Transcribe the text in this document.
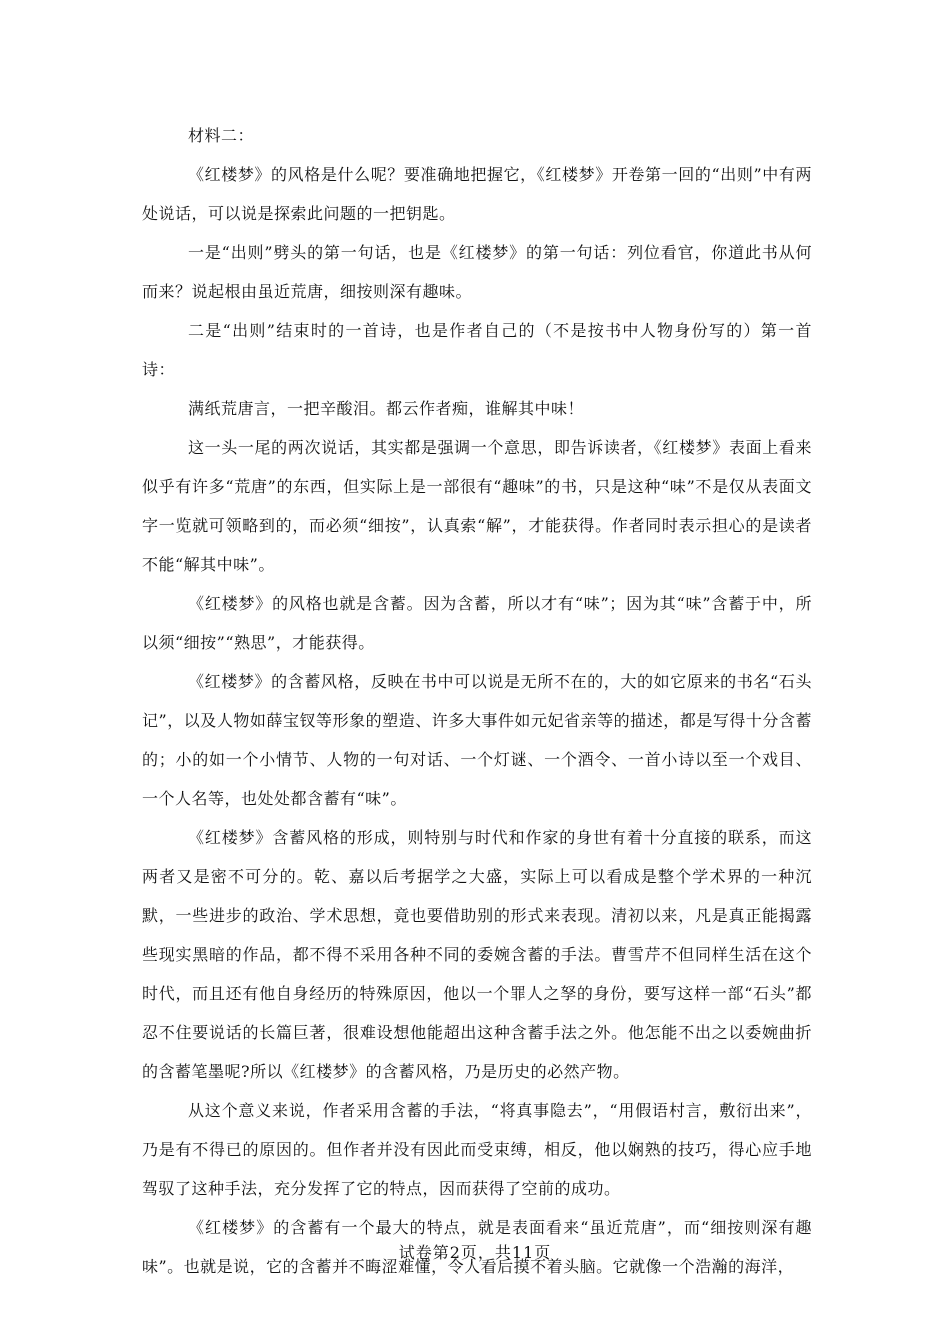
材料二：

《红楼梦》的风格是什么呢？要准确地把握它，《红楼梦》开卷第一回的“出则”中有两处说话，可以说是探索此问题的一把钥匙。

一是“出则”劈头的第一句话，也是《红楼梦》的第一句话：列位看官，你道此书从何而来？说起根由虽近荒唐，细按则深有趣味。

二是“出则”结束时的一首诗，也是作者自己的（不是按书中人物身份写的）第一首诗：

满纸荒唐言，一把辛酸泪。都云作者痴，谁解其中味！

这一头一尾的两次说话，其实都是强调一个意思，即告诉读者，《红楼梦》表面上看来似乎有许多“荒唐”的东西，但实际上是一部很有“趣味”的书，只是这种“味”不是仅从表面文字一览就可领略到的，而必须“细按”，认真索“解”，才能获得。作者同时表示担心的是读者不能“解其中味”。

《红楼梦》的风格也就是含蓄。因为含蓄，所以才有“味”；因为其“味”含蓄于中，所以须“细按”“熟思”，才能获得。

《红楼梦》的含蓄风格，反映在书中可以说是无所不在的，大的如它原来的书名“石头记”，以及人物如薛宝钗等形象的塑造、许多大事件如元妃省亲等的描述，都是写得十分含蓄的；小的如一个小情节、人物的一句对话、一个灯谜、一个酒令、一首小诗以至一个戏目、一个人名等，也处处都含蓄有“味”。

《红楼梦》含蓄风格的形成，则特别与时代和作家的身世有着十分直接的联系，而这两者又是密不可分的。乾、嘉以后考据学之大盛，实际上可以看成是整个学术界的一种沉默，一些进步的政治、学术思想，竟也要借助别的形式来表现。清初以来，凡是真正能揭露些现实黑暗的作品，都不得不采用各种不同的委婉含蓄的手法。曹雪芹不但同样生活在这个时代，而且还有他自身经历的特殊原因，他以一个罪人之孥的身份，要写这样一部“石头”都忍不住要说话的长篇巨著，很难设想他能超出这种含蓄手法之外。他怎能不出之以委婉曲折的含蓄笔墨呢?所以《红楼梦》的含蓄风格，乃是历史的必然产物。

从这个意义来说，作者采用含蓄的手法，“将真事隐去”，“用假语村言，敷衍出来”，乃是有不得已的原因的。但作者并没有因此而受束缚，相反，他以娴熟的技巧，得心应手地驾驭了这种手法，充分发挥了它的特点，因而获得了空前的成功。

《红楼梦》的含蓄有一个最大的特点，就是表面看来“虽近荒唐”，而“细按则深有趣味”。也就是说，它的含蓄并不晦涩难懂，令人看后摸不着头脑。它就像一个浩瀚的海洋，

试卷第2页，共11页
